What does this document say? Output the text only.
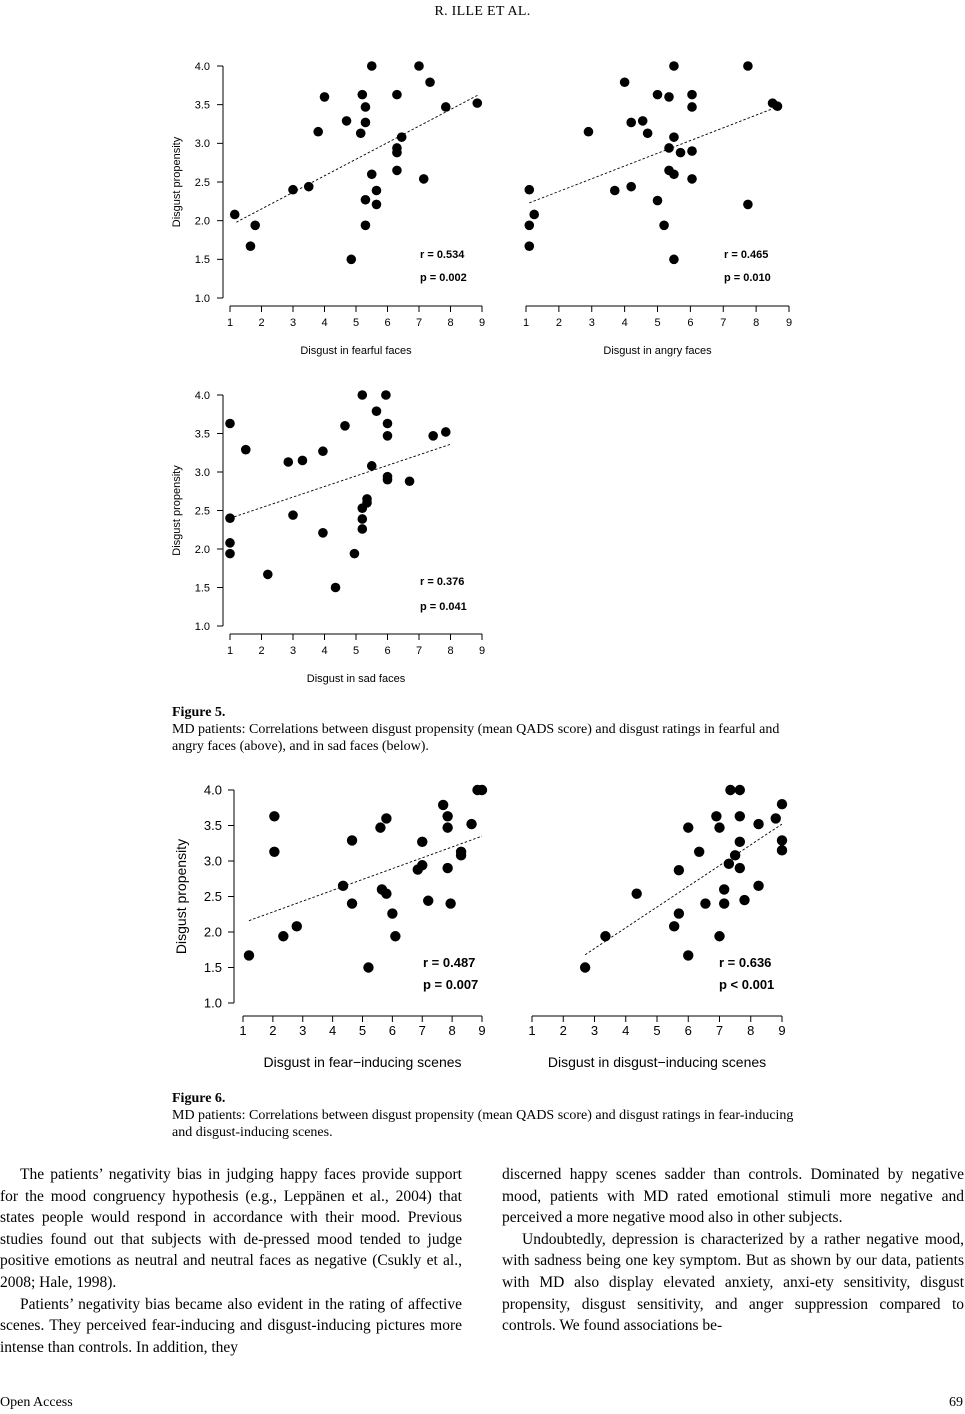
R. ILLE ET AL.
1 2 3 4 5 6 7 8 9
1.0
1.5
2.0
2.5
3.0
3.5
4.0
Disgust in fearful faces
Disgust propensity
r = 0.534
p = 0.002
1 2 3 4 5 6 7 8 9
Disgust in angry faces
r = 0.465
p = 0.010
1 2 3 4 5 6 7 8 9
1.0
1.5
2.0
2.5
3.0
3.5
4.0
Disgust in sad faces
Disgust propensity
r = 0.376
p = 0.041
Figure 5.
MD patients: Correlations between disgust propensity (mean QADS score) and disgust ratings in fearful and angry faces (above), and in sad faces (below).
1 2 3 4 5 6 7 8 9
1.0
1.5
2.0
2.5
3.0
3.5
4.0
Disgust in fear−inducing scenes
Disgust propensity
r = 0.487
p = 0.007
1 2 3 4 5 6 7 8 9
Disgust in disgust−inducing scenes
r = 0.636
p < 0.001
Figure 6.
MD patients: Correlations between disgust propensity (mean QADS score) and disgust ratings in fear-inducing and disgust-inducing scenes.

The patients’ negativity bias in judging happy faces provide support for the mood congruency hypothesis (e.g., Leppänen et al., 2004) that states people would respond in accordance with their mood. Previous studies found out that subjects with de-pressed mood tended to judge positive emotions as neutral and neutral faces as negative (Csukly et al., 2008; Hale, 1998).

Patients’ negativity bias became also evident in the rating of affective scenes. They perceived fear-inducing and disgust-inducing pictures more intense than controls. In addition, they

discerned happy scenes sadder than controls. Dominated by negative mood, patients with MD rated emotional stimuli more negative and perceived a more negative mood also in other subjects.

Undoubtedly, depression is characterized by a rather negative mood, with sadness being one key symptom. But as shown by our data, patients with MD also display elevated anxiety, anxi-ety sensitivity, disgust propensity, disgust sensitivity, and anger suppression compared to controls. We found associations be-

Open Access	69
